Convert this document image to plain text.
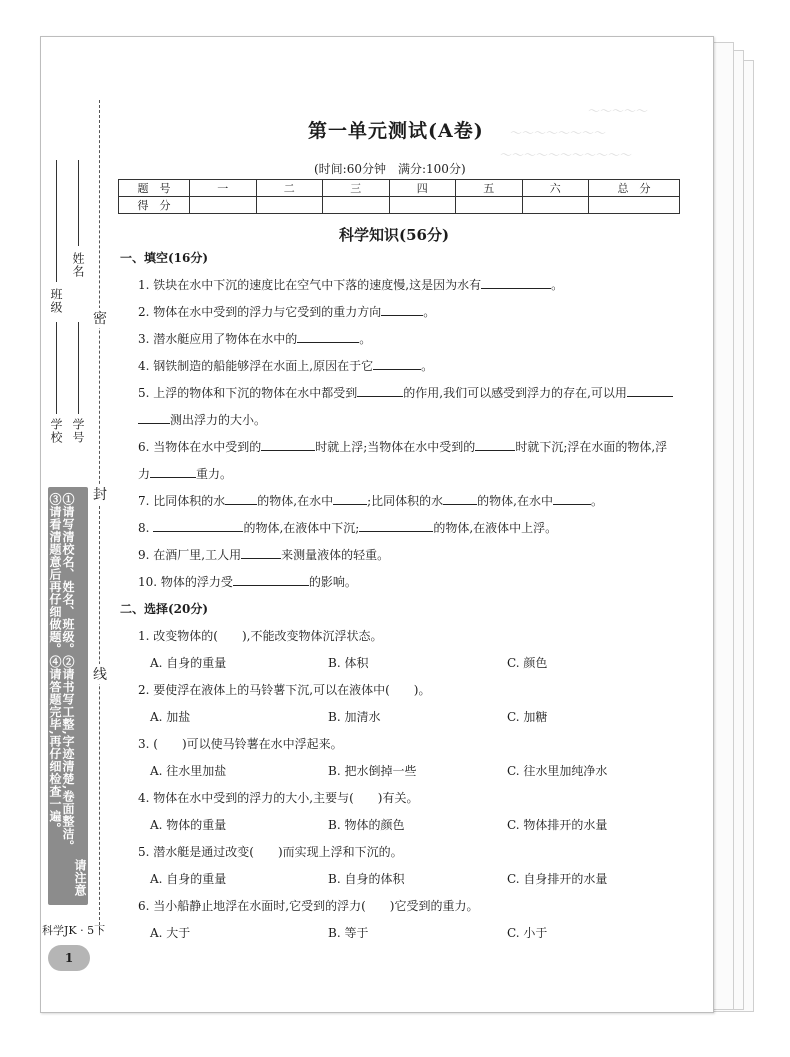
班级
姓名
学校 学号
密
封
线
请注意
①请写清校名、姓名、班级。②请书写工整,字迹清楚,卷面整洁。
③请看清题意后再仔细做题。④请答题完毕,再仔细检查一遍。
科学JK · 5下
1
～～～～～
～～～～～～～～
～～～～～～～～～～～
第一单元测试(A卷)
(时间:60分钟　满分:100分)
题　号	一	二	三	四	五	六	总　分
得　分							
科学知识(56分)
一、填空(16分)
1. 铁块在水中下沉的速度比在空气中下落的速度慢,这是因为水有	。
2. 物体在水中受到的浮力与它受到的重力方向	。
3. 潜水艇应用了物体在水中的	。
4. 钢铁制造的船能够浮在水面上,原因在于它	。
5. 上浮的物体和下沉的物体在水中都受到	的作用,我们可以感受到浮力的存在,可以用
测出浮力的大小。
6. 当物体在水中受到的	时就上浮;当物体在水中受到的	时就下沉;浮在水面的物体,浮
力	重力。
7. 比同体积的水	的物体,在水中	;比同体积的水	的物体,在水中	。
8.	的物体,在液体中下沉;	的物体,在液体中上浮。
9. 在酒厂里,工人用	来测量液体的轻重。
10. 物体的浮力受	的影响。
二、选择(20分)
1. 改变物体的(　　),不能改变物体沉浮状态。
A. 自身的重量	B. 体积	C. 颜色
2. 要使浮在液体上的马铃薯下沉,可以在液体中(　　)。
A. 加盐	B. 加清水	C. 加糖
3. (　　)可以使马铃薯在水中浮起来。
A. 往水里加盐	B. 把水倒掉一些	C. 往水里加纯净水
4. 物体在水中受到的浮力的大小,主要与(　　)有关。
A. 物体的重量	B. 物体的颜色	C. 物体排开的水量
5. 潜水艇是通过改变(　　)而实现上浮和下沉的。
A. 自身的重量	B. 自身的体积	C. 自身排开的水量
6. 当小船静止地浮在水面时,它受到的浮力(　　)它受到的重力。
A. 大于	B. 等于	C. 小于
